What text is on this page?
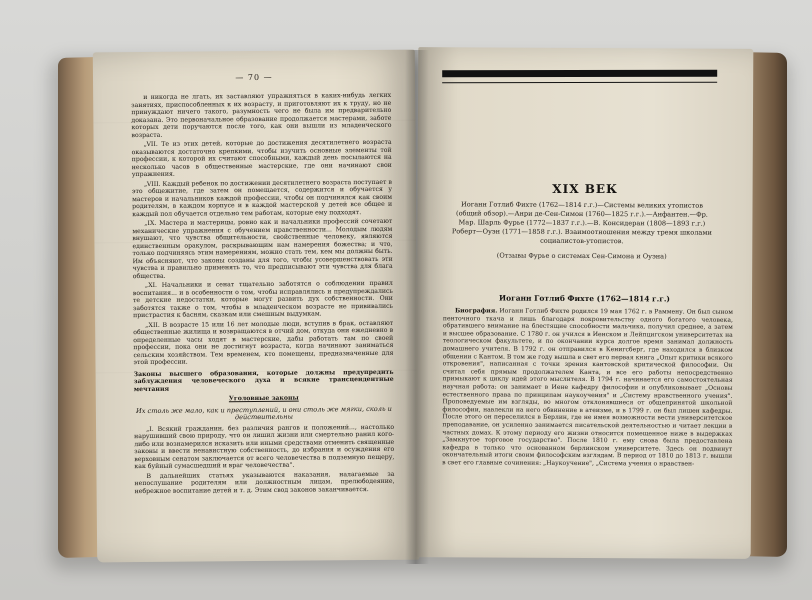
— 70 —

и никогда не лгать, их заставляют упражняться в каких-нибудь легких занятиях, приспособленных к их возрасту, и приготовляют их к труду, но не принуждают ничего такого, разумность чего не была им предварительно доказана. Это первоначальное образование продолжается мастерами, заботе которых дети поручаются после того, как они вышли из младенческого возраста.

„VII. Те из этих детей, которые до достижения десятилетнего возраста оказываются достаточно крепкими, чтобы изучить основные элементы той профессии, к которой их считают способными, каждый день посылаются на несколько часов в общественные мастерские, где они начинают свои упражнения.

„VIII. Каждый ребенок по достижении десятилетнего возраста поступает в это общежитие, где затем он помещается, содержится и обучается у мастеров и начальников каждой профессии, чтобы он подчинялся как своим родителям, в каждом корпусе и в каждой мастерской у детей все общее и каждый пол обучается отдельно тем работам, которые ему подходят.

„IX. Мастера и мастерицы, ровно как и начальники профессий сочетают механические упражнения с обучением нравственности... Молодым людям внушают, что чувства общительности, свойственные человеку, являются единственным оракулом, раскрывающим нам намерения божества; и что, только подчиняясь этим намерениям, можно стать тем, кем мы должны быть. Им объясняют, что законы созданы для того, чтобы усовершенствовать эти чувства и правильно применять то, что предписывают эти чувства для блага общества.

„XI. Начальники и сенат тщательно заботятся о соблюдении правил воспитания... и в особенности о том, чтобы исправлялись и предупреждались те детские недостатки, которые могут развить дух собственности. Они заботятся также о том, чтобы в младенческом возрасте не прививались пристрастия к басням, сказкам или смешным выдумкам.

„XII. В возрасте 15 или 16 лет молодые люди, вступив в брак, оставляют общественные жилища и возвращаются в отчий дом, откуда они ежедневно в определенные часы ходят в мастерские, дабы работать там по своей профессии, пока они не достигнут возраста, когда начинают заниматься сельским хозяйством. Тем временем, кто помещены, предназначенные для этой профессии.

Законы высшего образования, которые должны предупредить заблуждения человеческого духа и всякие трансцендентные мечтания

Уголовные законы

Их столь же мало, как и преступлений, и они столь же мягки, сколь и действительны

„I. Всякий гражданин, без различия рангов и положений..., настолько нарушивший свою природу, что он лишил жизни или смертельно ранил кого-либо или вознамерился исказить или иными средствами отменить священные законы и ввести ненавистную собственность, до избрания и осуждения его верховным сенатом заключается от всего человечества в подземную пещеру, как буйный сумасшедший и враг человечества".

В дальнейших статьях указываются наказания, налагаемые за непослушание родителям или должностным лицам, прелюбодеяние, небрежное воспитание детей и т. д. Этим свод законов заканчивается.

XIX ВЕК
Иоганн Готлиб Фихте (1762—1814 г.г.)—Системы великих утопистов (общий обзор).—Анри де-Сен-Симон (1760—1825 г.г.).—Анфантен.—Фр. Мар. Шарль Фурье (1772—1837 г.г.).—В. Консидеран (1808—1893 г.г.) Роберт—Оуэн (1771—1858 г.г.). Взаимоотношения между тремя школами социалистов-утопистов.
(Отзывы Фурье о системах Сен-Симона и Оуэна)
Иоганн Готлиб Фихте (1762—1814 г.г.)

Биография. Иоганн Готлиб Фихте родился 19 мая 1762 г. в Раммену. Он был сыном пенточного ткача и лишь благодаря покровительству одного богатого человека, обратившего внимание на блестящие способности мальчика, получил среднее, а затем и высшее образование. С 1780 г. он учился в Иенском и Лейпцигском университетах на теологическом факультете, и по окончании курса долгое время занимал должность домашнего учителя. В 1792 г. он отправился в Кенигсберг, где находился в близком общении с Кантом. В том же году вышла в свет его первая книга „Опыт критики всякого откровения", написанная с точки зрения кантовской критической философии. Он считал себя прямым продолжателем Канта, и все его работы непосредственно примыкают к циклу идей этого мыслителя. В 1794 г. начинается его самостоятельная научная работа: он занимает в Иене кафедру философии и опубликовывает „Основы естественного права по принципам наукоучения" и „Систему нравственного учения". Проповедуемые им взгляды, во многом отклонявшиеся от общепринятой школьной философии, навлекли на него обвинение в атеизме, и в 1799 г. он был лишен кафедры. После этого он переселился в Берлин, где не имея возможности вести университетское преподавание, он усиленно занимается писательской деятельностью и читает лекции в частных домах. К этому периоду его жизни относится помещенное ниже в выдержках „Замкнутое торговое государство". После 1810 г. ему снова была предоставлена кафедра в только что основанном берлинском университете. Здесь он подвинут окончательный итоги своим философским взглядам. В период от 1810 до 1813 г. вышли в свет его главные сочинения: „Наукоучение", „Система учения о нравствен-
